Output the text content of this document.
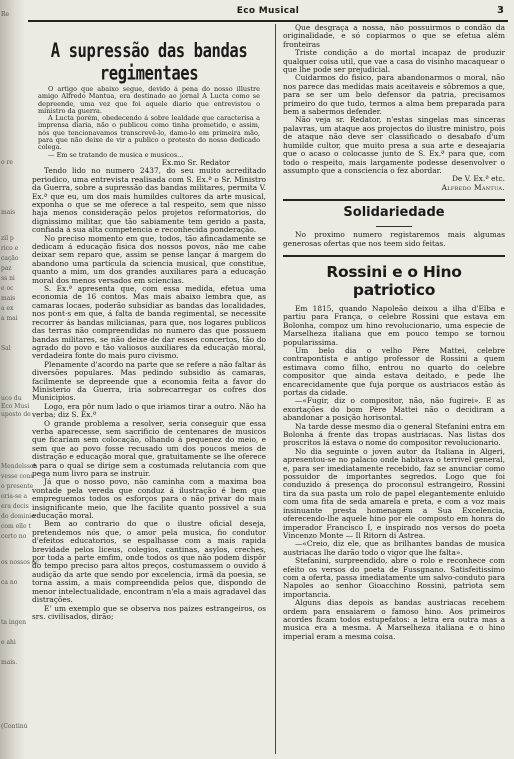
Re
o re
mais
zil p
rico e
cação
paz
ss ni
e oc
mais
a ex
a mai
Sal
uco du
Eco Musi
uposto de
Mendelssoh
vesse cons
o presente
oria-se a
era decis
do dominio
com elle t
certo no
os nossos ac
ca no
ta ingen
e ahi
mais.
(Continú
Eco Musical	3
A supressão das bandas regimentaes

O artigo que abaixo segue, devido á pena do nosso illustre amigo Alfredo Mantua, era destinado ao jornal A Lucta como se depreende, uma vez que foi aquele diario que entrevistou o ministro da guerra.

A Lucta porém, obedecendo á sobre lealdade que caracterisa a imprensa diaria, não o publicou como tinha prometido, e assim, nós que tencionavamos transcrevê-lo, damo-lo em primeira mão, para que não deixe de vir a publico o protesto do nosso dedicado colega.

— Em se tratando de musica e musicos...

Ex.mo Sr. Redator

Tendo lido no numero 2437, do seu muito acreditado periodico, uma entrevista realisada com S. Ex.ª o Sr. Ministro da Guerra, sobre a supressão das bandas militares, permita V. Ex.ª que eu, um dos mais humildes cultores da arte musical, exponha o que se me oferece a tal respeito, sem que nisso haja menos consideração pelos projetos reformatorios, do dignissimo militar, que tão sabiamente tem gerido a pasta, confiada á sua alta competencia e reconhecida ponderação.

No preciso momento em que, todos, tão afincadamente se dedicam á educação fisica dos nossos povos, não me cabe deixar sem reparo que, assim se pense lançar á margem do abandono uma partícula da sciencia musical, que constitue, quanto a mim, um dos grandes auxiliares para a educação moral dos menos versados em sciencias.

S. Ex.ª apresenta que, com essa medida, efetua uma economia de 16 contos. Mas mais abaixo lembra que, as camaras locaes, poderão subsidiar as bandas das localidades, nos pont·s em que, á falta de banda regimental, se necessite recorrer ás bandas milicianas, para que, nos logares publicos das terras não compreendidas no numero das que possuem bandas militares, se não deixe de dar esses concertos, tão do agrado do povo e tão valiosos auxiliares da educação moral, verdadeira fonte do mais puro civismo.

Plenamente d'acordo na parte que se refere a não faltar ás diversões populares. Mas pedindo subsidio ás camaras, facilmente se depreende que a economia feita a favor do Ministerio da Guerra, iria sobrecarregar os cofres dos Municipios.

Logo, era pôr num lado o que iriamos tirar a outro. Não ha verba; diz S. Ex.ª

O grande problema a resolver, seria conseguir que essa verba aparecesse, sem sacrificio de centenares de musicos que ficariam sem colocação, olhando á pequenez do meio, e sem que ao povo fosse recusado um dos poucos meios de distração e educação moral que, gratuitamente se lhe oferece e para o qual se dirige sem a costumada relutancia com que pega num livro para se instruir.

Já que o nosso povo, não caminha com a maxima boa vontade pela vereda que conduz á ilustração é bem que empreguemos todos os esforços para o não privar do mais insignificante meio, que lhe facilite quanto possivel a sua educação moral.

Bem ao contrario do que o ilustre oficial deseja, pretendemos nós que, o amor pela musica, fio condutor d'efeitos educatorios, se espalhasse com a mais rapida brevidade pelos liceus, colegios, cantinas, asylos, creches, por toda a parte emfim, onde todos os que não podem dispôr do tempo preciso para altos preços, costumassem o ouvido á audição da arte que sendo por excelencia, irmã da poesia, se torna assim, a mais compreendida pelos que, dispondo de menor intelectualidade, encontram n'ela a mais agradavel das distrações.

E' um exemplo que se observa nos paizes estrangeiros, os srs. civilisados, dirão;

Que desgraça a nossa, não possuirmos o condão da originalidade, e só copiarmos o que se efetua além fronteiras

Triste condição a do mortal incapaz de produzir qualquer coisa util, que vae a casa do visinho macaquear o que lhe pode ser prejudicial.

Cuidarmos do fisico, para abandonarmos o moral, não nos parece das medidas mais aceitaveis e sôbremos a que, para se ser um belo defensor da patria, precisamos primeiro do que tudo, termos a alma bem preparada para bem a sabermos defender.

Não veja sr. Redator, n'estas singelas mas sinceras palavras, um ataque aos projectos do ilustre ministro, pois de ataque não deve ser classificado o desabafo d'um humilde cultor, que muito presa a sua arte e deseajaria que o acaso o colocasse junto de S. Ex.ª para que, com todo o respeito, mais largamente podesse desenvolver o assumpto que a consciencia o fez abordar.

De V. Ex.ª etc.

Alfredo Mantua.

Solidariedade

No proximo numero registaremos mais algumas generosas ofertas que nos teem sido feitas.

Rossini e o Hino patriotico

Em 1815, quando Napoleão deixou a ilha d'Elba e partiu para França, o celebre Rossini que estava em Bolonha, compoz um hino revolucionario, uma especie de Marselheza italiana que em pouco tempo se tornou popularissima.

Um belo dia o velho Père Mattei, celebre contrapontista e antigo professor de Rossini a quem estimava como filho, entrou no quarto do celebre compositor que ainda estava deitado, e pede lhe encarecidamente que fuja porque os austriacos estão ás portas da cidade.

—«Fugir, diz o compositor, não, não fugirei». E as exortações do bom Père Mattei não o decidiram a abandonar a posição horisontal.

Na tarde desse mesmo dia o general Stefanini entra em Bolonha á frente das tropas austriacas. Nas listas dos proscritos lá estava o nome do compositor revolucionario.

No dia seguinte o joven autor da Italiana in Algeri, apresentou-se no palacio onde habitava o terrivel general, e, para ser imediatamente recebido, faz se anunciar como possuidor de importantes segredos. Logo que foi conduzido á presença do proconsul estrangeiro, Rossini tira da sua pasta um rolo de papel elegantemente enluido com uma fita de seda amarela e preta, e com a voz mais insinuante presta homenagem a Sua Excelencia, oferecendo-lhe aquele hino por ele composto em honra do imperador Francisco I, e inspirado nos versos do poeta Vincenzo Monte — Il Ritorn di Astrea.

—«Creio, diz ele, que as brilhantes bandas de musica austriacas lhe darão todo o vigor que lhe falta».

Stefanini, surpreendido, abre o rolo e reconhece com efeito os versos do poeta de Fussgnano. Satisfeitissimo com a oferta, passa imediatamente um salvo-conduto para Napoles ao senhor Gioacchino Rossini, patriota sem importancia.

Alguns dias depois as bandas austriacas recebem ordem para ensaiarem o famoso hino. Aos primeiros acordes ficam todos estupefatos: a letra era outra mas a musica era a mesma. A Marselheza italiana e o hino imperial eram a mesma coisa.
